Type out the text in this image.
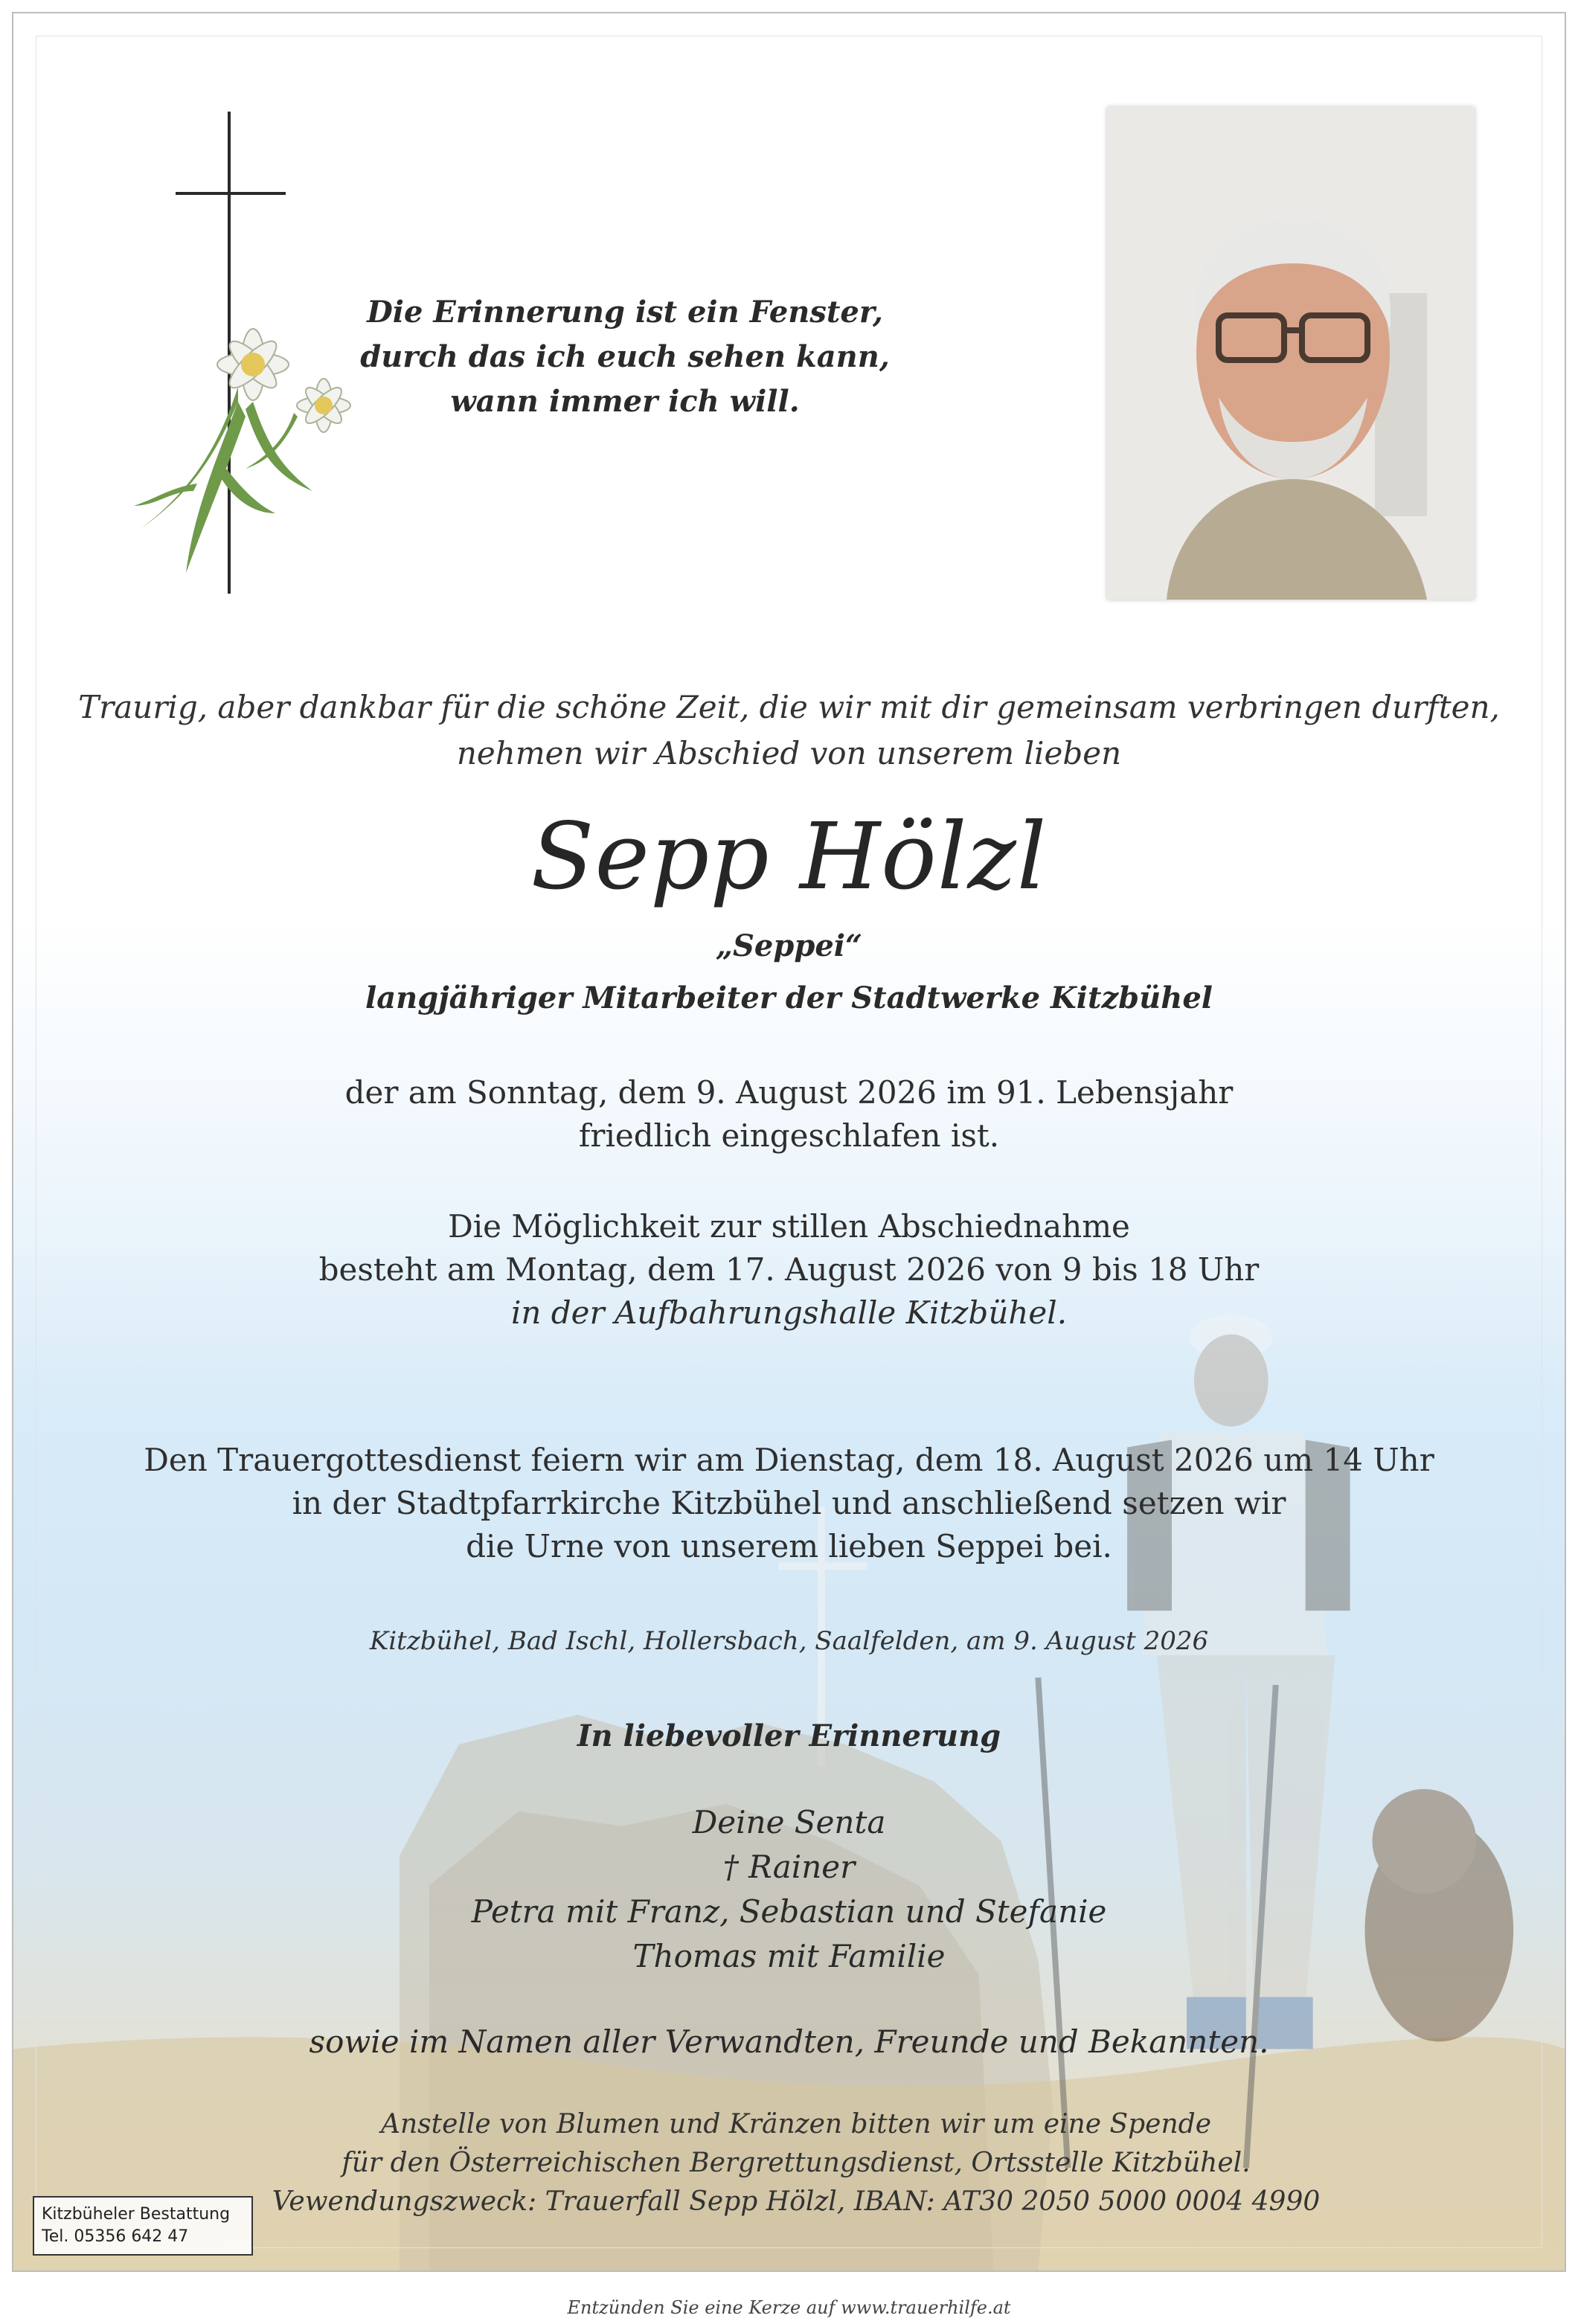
Die Erinnerung ist ein Fenster,
durch das ich euch sehen kann,
wann immer ich will.
Traurig, aber dankbar für die schöne Zeit, die wir mit dir gemeinsam verbringen durften,
nehmen wir Abschied von unserem lieben
Sepp Hölzl
„Seppei“
langjähriger Mitarbeiter der Stadtwerke Kitzbühel
der am Sonntag, dem 9. August 2026 im 91. Lebensjahr
friedlich eingeschlafen ist.
Die Möglichkeit zur stillen Abschiednahme
besteht am Montag, dem 17. August 2026 von 9 bis 18 Uhr
in der Aufbahrungshalle Kitzbühel.
Den Trauergottesdienst feiern wir am Dienstag, dem 18. August 2026 um 14 Uhr
in der Stadtpfarrkirche Kitzbühel und anschließend setzen wir
die Urne von unserem lieben Seppei bei.
Kitzbühel, Bad Ischl, Hollersbach, Saalfelden, am 9. August 2026
In liebevoller Erinnerung
Deine Senta
† Rainer
Petra mit Franz, Sebastian und Stefanie
Thomas mit Familie
sowie im Namen aller Verwandten, Freunde und Bekannten.
Anstelle von Blumen und Kränzen bitten wir um eine Spende
für den Österreichischen Bergrettungsdienst, Ortsstelle Kitzbühel.
Vewendungszweck: Trauerfall Sepp Hölzl, IBAN: AT30 2050 5000 0004 4990
Kitzbüheler Bestattung
Tel. 05356 642 47
Entzünden Sie eine Kerze auf www.trauerhilfe.at
